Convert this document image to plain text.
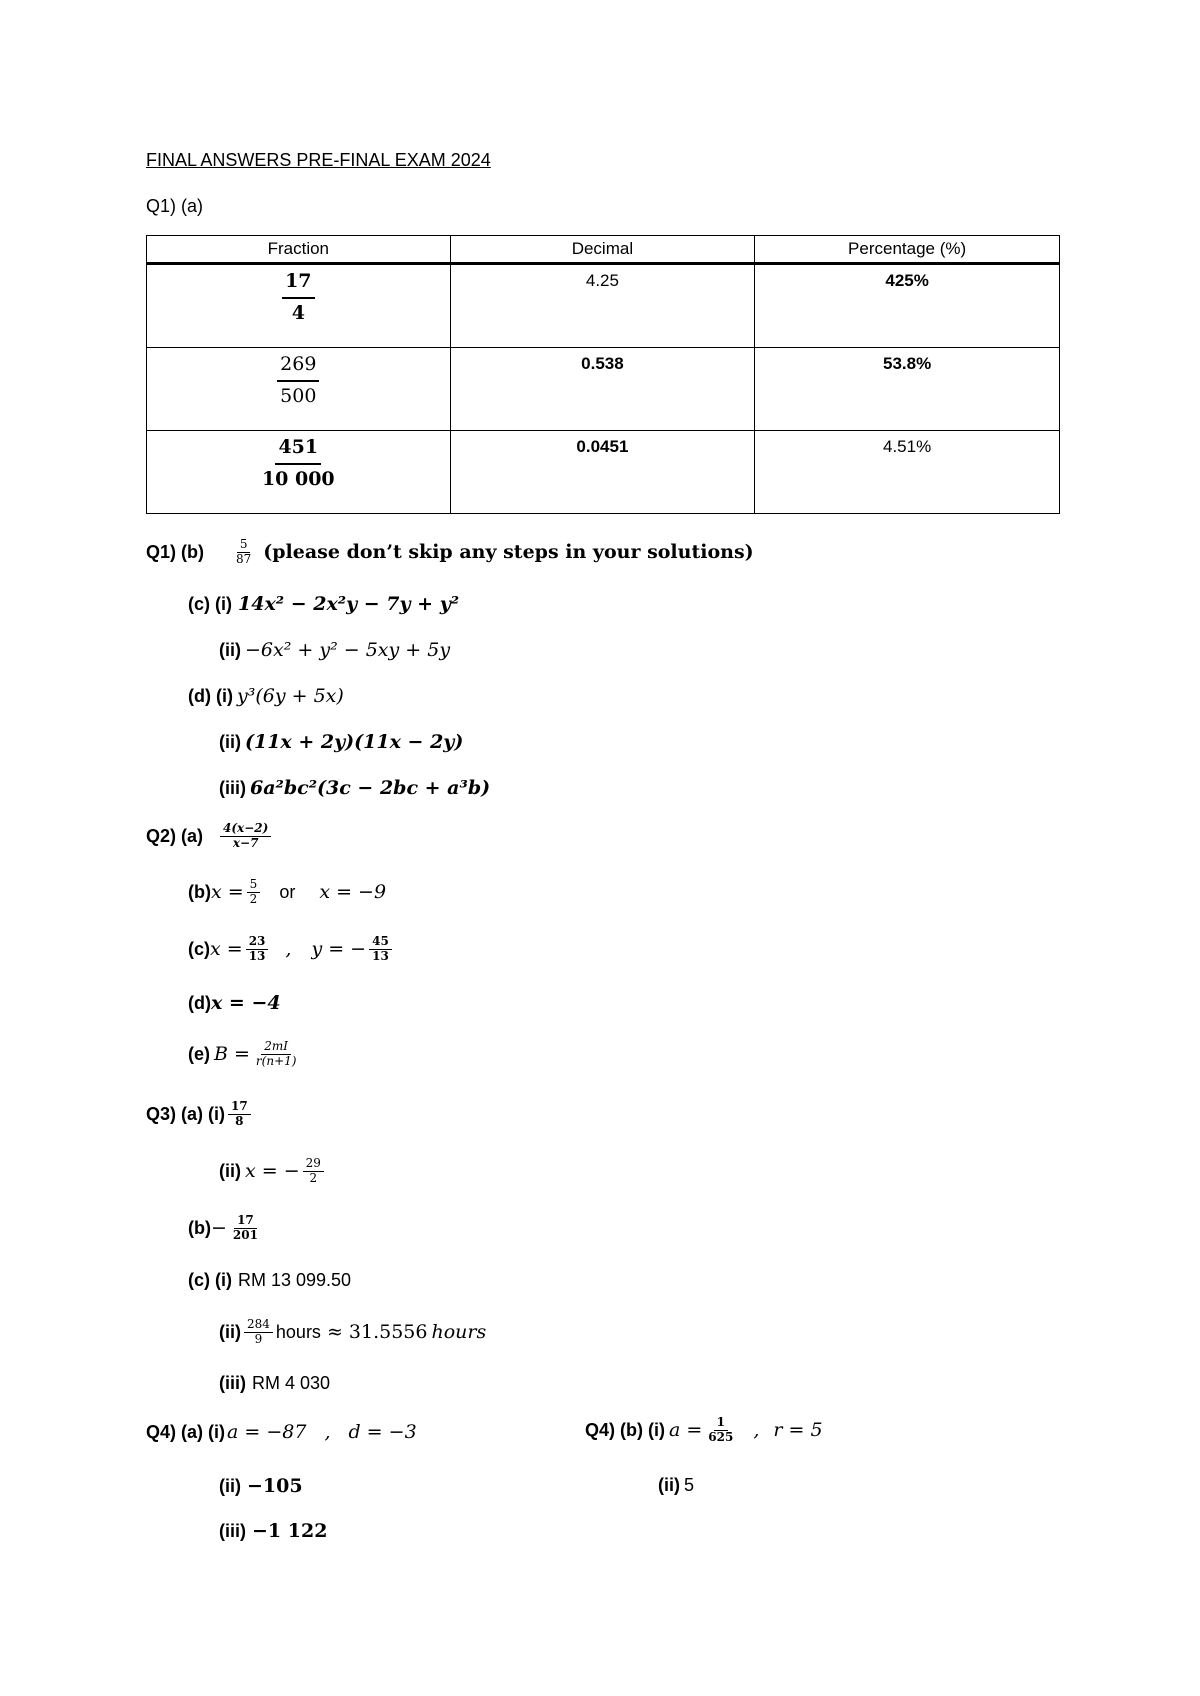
FINAL ANSWERS PRE-FINAL EXAM 2024
Q1) (a)
Fraction	Decimal	Percentage (%)

$\frac{17}{4}$	4.25	425%

$\frac{269}{500}$	0.538	53.8%

$\frac{451}{10 000}$	0.0451	4.51%
Q1) $(b) \frac{5}{87}$ (please don’t skip any steps in your solutions)
(c) (i) 14x² − 2x²y − 7y + y²
(ii) −6x² + y² − 5xy + 5y
(d) (i) y³(6y + 5x)
(ii) (11x + 2y)(11x − 2y)
(iii) 6a²bc²(3c − 2bc + a³b)
Q2) $(a) \frac{4(x-2)}{x-7}$
(b) $x = \frac{5}{2}$ or x = −9
(c) $x = \frac{23}{13}$ , y = − $\frac{45}{13}$
(d) x = −4
(e) $B = \frac{2mI}{r(n+1)}$
Q3) (a) $(i) \frac{17}{8}$
(ii) x = − $\frac{29}{2}$
$(b) - \frac{17}{201}$
(c) (i) RM 13 099.50
$(ii) \frac{284}{9}$ hours ≈ 31.5556 hours
(iii) RM 4 030
Q4) (a) (i) a = −87 , d = −3
(ii) −105
(iii) −1 122
Q4) (b) (i) $a = \frac{1}{625}$ , r = 5
(ii) 5
